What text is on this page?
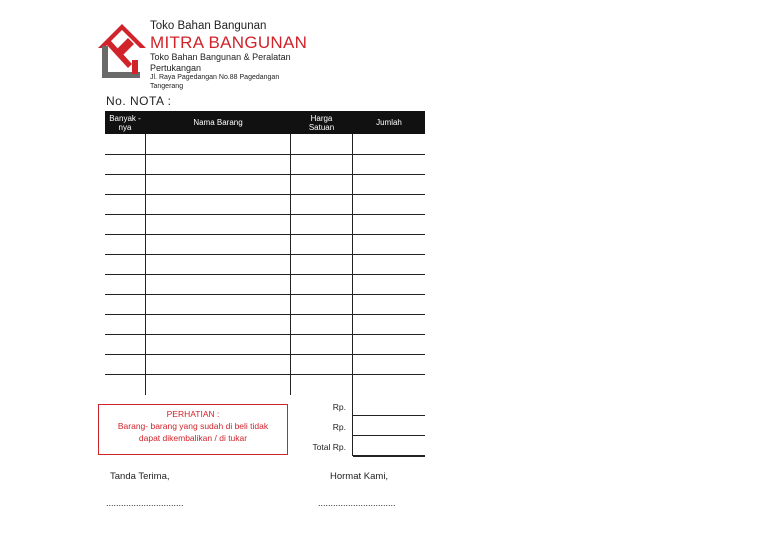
Toko Bahan Bangunan
MITRA BANGUNAN
Toko Bahan Bangunan & Peralatan Pertukangan
Jl. Raya Pagedangan No.88 Pagedangan Tangerang
No. NOTA :
Banyak - nya	Nama Barang	Harga Satuan	Jumlah
Rp.
Rp.
Total Rp.
PERHATIAN :
Barang- barang yang sudah di beli tidak
dapat dikembalikan / di tukar
Tanda Terima,	Hormat Kami,
...............................	...............................
